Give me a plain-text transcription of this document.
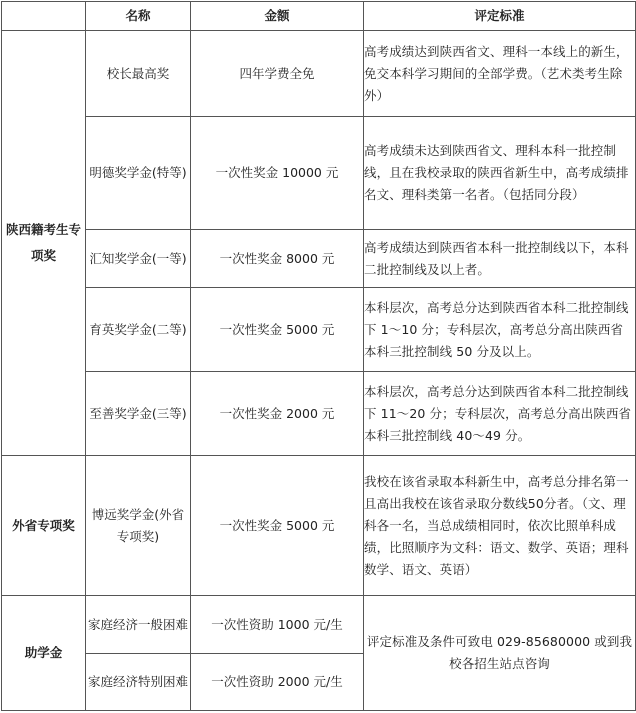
	名称	金额	评定标准
陕西籍考生专项奖	校长最高奖	四年学费全免	高考成绩达到陕西省文、理科一本线上的新生，免交本科学习期间的全部学费。（艺术类考生除外）
	明德奖学金(特等)	一次性奖金 10000 元	高考成绩未达到陕西省文、理科本科一批控制线，且在我校录取的陕西省新生中，高考成绩排名文、理科类第一名者。（包括同分段）
	汇知奖学金(一等)	一次性奖金 8000 元	高考成绩达到陕西省本科一批控制线以下，本科二批控制线及以上者。
	育英奖学金(二等)	一次性奖金 5000 元	本科层次，高考总分达到陕西省本科二批控制线下 1～10 分；专科层次，高考总分高出陕西省本科三批控制线 50 分及以上。
	至善奖学金(三等)	一次性奖金 2000 元	本科层次，高考总分达到陕西省本科二批控制线下 11～20 分；专科层次，高考总分高出陕西省本科三批控制线 40～49 分。
外省专项奖	博远奖学金(外省专项奖)	一次性奖金 5000 元	我校在该省录取本科新生中，高考总分排名第一且高出我校在该省录取分数线50分者。（文、理科各一名，当总成绩相同时，依次比照单科成绩，比照顺序为文科：语文、数学、英语；理科数学、语文、英语）
助学金	家庭经济一般困难	一次性资助 1000 元/生	评定标准及条件可致电 029-85680000 或到我校各招生站点咨询
	家庭经济特别困难	一次性资助 2000 元/生	
